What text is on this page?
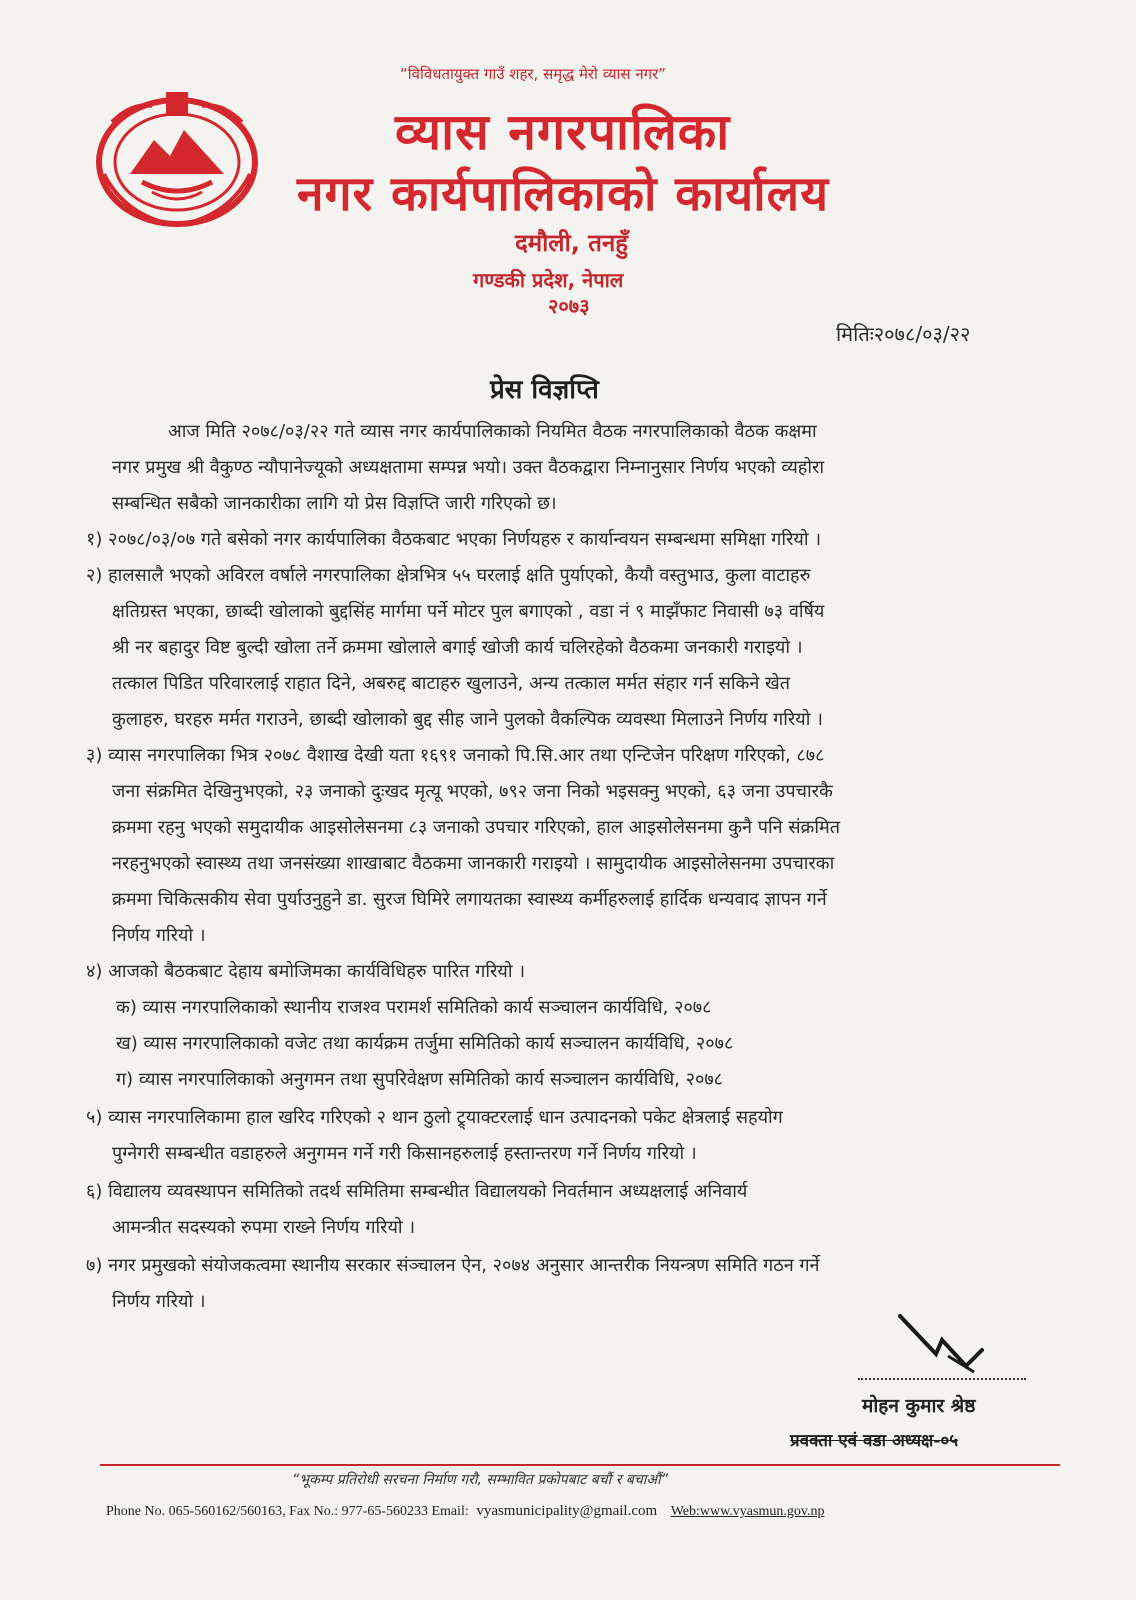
“विविधतायुक्त गाउँ शहर, समृद्ध मेरो व्यास नगर”
व्यास नगरपालिका
नगर कार्यपालिकाको कार्यालय
दमौली, तनहुँ
गण्डकी प्रदेश, नेपाल
२०७३
मितिः२०७८/०३/२२
प्रेस विज्ञप्ति
आज मिति २०७८/०३/२२ गते व्यास नगर कार्यपालिकाको नियमित वैठक नगरपालिकाको वैठक कक्षमा
नगर प्रमुख श्री वैकुण्ठ न्यौपानेज्यूको अध्यक्षतामा सम्पन्न भयो। उक्त वैठकद्वारा निम्नानुसार निर्णय भएको व्यहोरा
सम्बन्धित सबैको जानकारीका लागि यो प्रेस विज्ञप्ति जारी गरिएको छ।
१) २०७८/०३/०७ गते बसेको नगर कार्यपालिका वैठकबाट भएका निर्णयहरु र कार्यान्वयन सम्बन्धमा समिक्षा गरियो ।
२) हालसालै भएको अविरल वर्षाले नगरपालिका क्षेत्रभित्र ५५ घरलाई क्षति पुर्याएको, कैयौ वस्तुभाउ, कुला वाटाहरु
क्षतिग्रस्त भएका, छाब्दी खोलाको बुद्दसिंह मार्गमा पर्ने मोटर पुल बगाएको , वडा नं ९ माझँफाट निवासी ७३ वर्षिय
श्री नर बहादुर विष्ट बुल्दी खोला तर्ने क्रममा खोलाले बगाई खोजी कार्य चलिरहेको वैठकमा जनकारी गराइयो ।
तत्काल पिडित परिवारलाई राहात दिने, अबरुद्द बाटाहरु खुलाउने, अन्य तत्काल मर्मत संहार गर्न सकिने खेत
कुलाहरु, घरहरु मर्मत गराउने, छाब्दी खोलाको बुद्द सीह जाने पुलको वैकल्पिक व्यवस्था मिलाउने निर्णय गरियो ।
३) व्यास नगरपालिका भित्र २०७८ वैशाख देखी यता १६९१ जनाको पि.सि.आर तथा एन्टिजेन परिक्षण गरिएको, ८७८
जना संक्रमित देखिनुभएको, २३ जनाको दुःखद मृत्यू भएको, ७९२ जना निको भइसक्नु भएको, ६३ जना उपचारकै
क्रममा रहनु भएको समुदायीक आइसोलेसनमा ८३ जनाको उपचार गरिएको, हाल आइसोलेसनमा कुनै पनि संक्रमित
नरहनुभएको स्वास्थ्य तथा जनसंख्या शाखाबाट वैठकमा जानकारी गराइयो । सामुदायीक आइसोलेसनमा उपचारका
क्रममा चिकित्सकीय सेवा पुर्याउनुहुने डा. सुरज घिमिरे लगायतका स्वास्थ्य कर्मीहरुलाई हार्दिक धन्यवाद ज्ञापन गर्ने
निर्णय गरियो ।
४) आजको बैठकबाट देहाय बमोजिमका कार्यविधिहरु पारित गरियो ।
क) व्यास नगरपालिकाको स्थानीय राजश्व परामर्श समितिको कार्य सञ्चालन कार्यविधि, २०७८
ख) व्यास नगरपालिकाको वजेट तथा कार्यक्रम तर्जुमा समितिको कार्य सञ्चालन कार्यविधि, २०७८
ग) व्यास नगरपालिकाको अनुगमन तथा सुपरिवेक्षण समितिको कार्य सञ्चालन कार्यविधि, २०७८
५) व्यास नगरपालिकामा हाल खरिद गरिएको २ थान ठुलो ट्र्याक्टरलाई धान उत्पादनको पकेट क्षेत्रलाई सहयोग
पुग्नेगरी सम्बन्धीत वडाहरुले अनुगमन गर्ने गरी किसानहरुलाई हस्तान्तरण गर्ने निर्णय गरियो ।
६) विद्यालय व्यवस्थापन समितिको तदर्थ समितिमा सम्बन्धीत विद्यालयको निवर्तमान अध्यक्षलाई अनिवार्य
आमन्त्रीत सदस्यको रुपमा राख्ने निर्णय गरियो ।
७) नगर प्रमुखको संयोजकत्वमा स्थानीय सरकार संञ्चालन ऐन, २०७४ अनुसार आन्तरीक नियन्त्रण समिति गठन गर्ने
निर्णय गरियो ।
मोहन कुमार श्रेष्ठ
प्रवक्ता एवं वडा अध्यक्ष-०५
“भूकम्प प्रतिरोधी सरचना निर्माण गरौ, सम्भावित प्रकोपबाट बचौं र बचाऔं”
Phone No. 065-560162/560163, Fax No.: 977-65-560233 Email: vyasmunicipality@gmail.com Web:www.vyasmun.gov.np
